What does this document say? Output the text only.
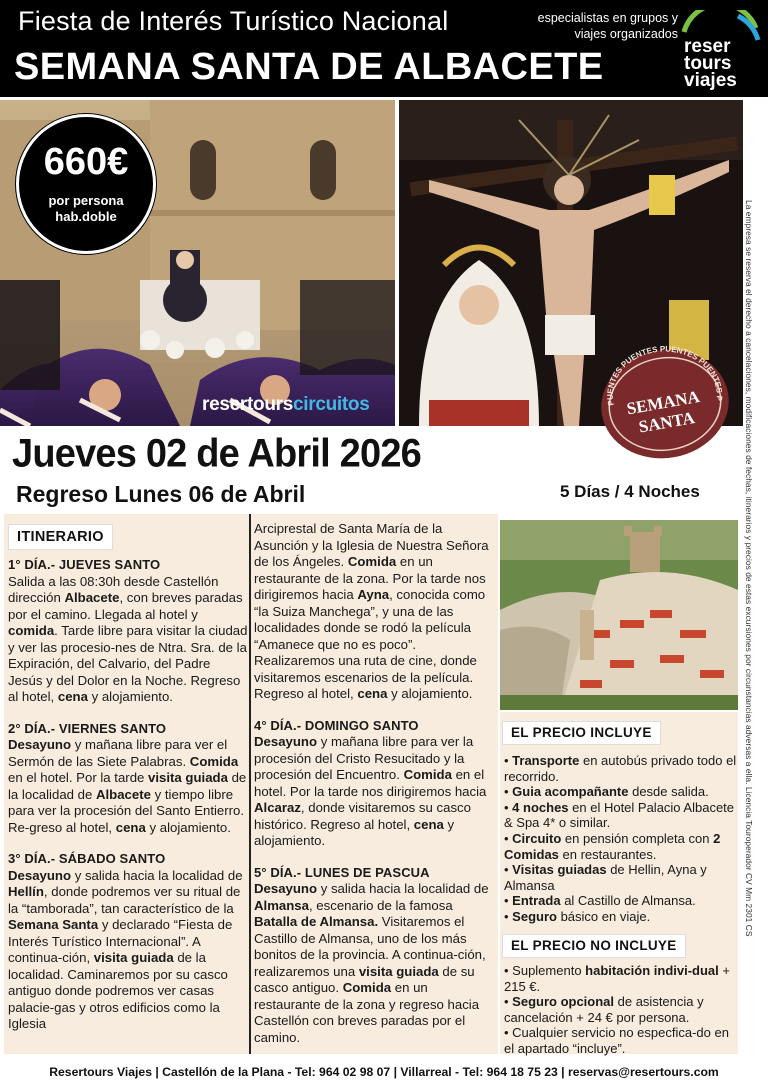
Fiesta de Interés Turístico Nacional
SEMANA SANTA DE ALBACETE
especialistas en grupos y viajes organizados
reser
tours
viajes
660€
por persona
hab.doble
resertourscircuitos	PUENTES PUENTES PUENTES PUENTES P
SEMANA SANTA	La empresa se reserva el derecho a cancelaciones, modificaciones de fechas, itinerarios y precios de estas excursiones por circunstancias adversas a ella. Licencia Touroperador CV Mm 2301 CS
Jueves 02 de Abril 2026
Regreso Lunes 06 de Abril	5 Días / 4 Noches
ITINERARIO
1° DÍA.- JUEVES SANTO
Salida a las 08:30h desde Castellón dirección Albacete, con breves paradas por el camino. Llegada al hotel y comida. Tarde libre para visitar la ciudad y ver las procesio-nes de Ntra. Sra. de la Expiración, del Calvario, del Padre Jesús y del Dolor en la Noche. Regreso al hotel, cena y alojamiento.
2° DÍA.- VIERNES SANTO
Desayuno y mañana libre para ver el Sermón de las Siete Palabras. Comida en el hotel. Por la tarde visita guiada de la localidad de Albacete y tiempo libre para ver la procesión del Santo Entierro. Re-greso al hotel, cena y alojamiento.
3° DÍA.- SÁBADO SANTO
Desayuno y salida hacia la localidad de Hellín, donde podremos ver su ritual de la “tamborada”, tan característico de la Semana Santa y declarado “Fiesta de Interés Turístico Internacional”. A continua-ción, visita guiada de la localidad. Caminaremos por su casco antiguo donde podremos ver casas palacie-gas y otros edificios como la Iglesia
Arciprestal de Santa María de la Asunción y la Iglesia de Nuestra Señora de los Ángeles. Comida en un restaurante de la zona. Por la tarde nos dirigiremos hacia Ayna, conocida como “la Suiza Manchega”, y una de las localidades donde se rodó la película “Amanece que no es poco”. Realizaremos una ruta de cine, donde visitaremos escenarios de la película. Regreso al hotel, cena y alojamiento.
4° DÍA.- DOMINGO SANTO
Desayuno y mañana libre para ver la procesión del Cristo Resucitado y la procesión del Encuentro. Comida en el hotel. Por la tarde nos dirigiremos hacia Alcaraz, donde visitaremos su casco histórico. Regreso al hotel, cena y alojamiento.
5° DÍA.- LUNES DE PASCUA
Desayuno y salida hacia la localidad de Almansa, escenario de la famosa Batalla de Almansa. Visitaremos el Castillo de Almansa, uno de los más bonitos de la provincia. A continua-ción, realizaremos una visita guiada de su casco antiguo. Comida en un restaurante de la zona y regreso hacia Castellón con breves paradas por el camino.
EL PRECIO INCLUYE
• Transporte en autobús privado todo el recorrido.
• Guia acompañante desde salida.
• 4 noches en el Hotel Palacio Albacete & Spa 4* o similar.
• Circuito en pensión completa con 2 Comidas en restaurantes.
• Visitas guiadas de Hellin, Ayna y Almansa
• Entrada al Castillo de Almansa.
• Seguro básico en viaje.
EL PRECIO NO INCLUYE
• Suplemento habitación indivi-dual + 215 €.
• Seguro opcional de asistencia y cancelación + 24 € por persona.
• Cualquier servicio no especfica-do en el apartado “incluye”.
Resertours Viajes | Castellón de la Plana - Tel: 964 02 98 07 | Villarreal - Tel: 964 18 75 23 | reservas@resertours.com
